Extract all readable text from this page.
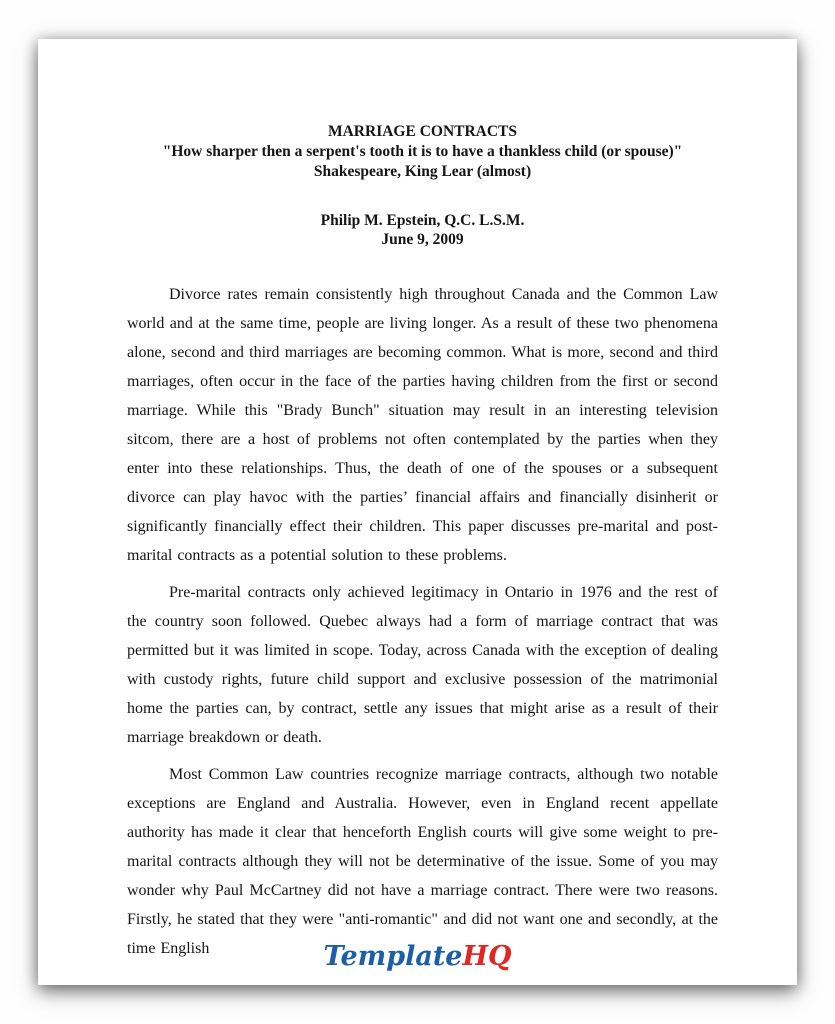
MARRIAGE CONTRACTS
"How sharper then a serpent's tooth it is to have a thankless child (or spouse)"
Shakespeare, King Lear (almost)
Philip M. Epstein, Q.C. L.S.M.
June 9, 2009

Divorce rates remain consistently high throughout Canada and the Common Law world and at the same time, people are living longer. As a result of these two phenomena alone, second and third marriages are becoming common. What is more, second and third marriages, often occur in the face of the parties having children from the first or second marriage. While this "Brady Bunch" situation may result in an interesting television sitcom, there are a host of problems not often contemplated by the parties when they enter into these relationships. Thus, the death of one of the spouses or a subsequent divorce can play havoc with the parties’ financial affairs and financially disinherit or significantly financially effect their children. This paper discusses pre-marital and post-marital contracts as a potential solution to these problems.

Pre-marital contracts only achieved legitimacy in Ontario in 1976 and the rest of the country soon followed. Quebec always had a form of marriage contract that was permitted but it was limited in scope. Today, across Canada with the exception of dealing with custody rights, future child support and exclusive possession of the matrimonial home the parties can, by contract, settle any issues that might arise as a result of their marriage breakdown or death.

Most Common Law countries recognize marriage contracts, although two notable exceptions are England and Australia. However, even in England recent appellate authority has made it clear that henceforth English courts will give some weight to pre-marital contracts although they will not be determinative of the issue. Some of you may wonder why Paul McCartney did not have a marriage contract. There were two reasons. Firstly, he stated that they were "anti-romantic" and did not want one and secondly, at the time English	TemplateHQ
